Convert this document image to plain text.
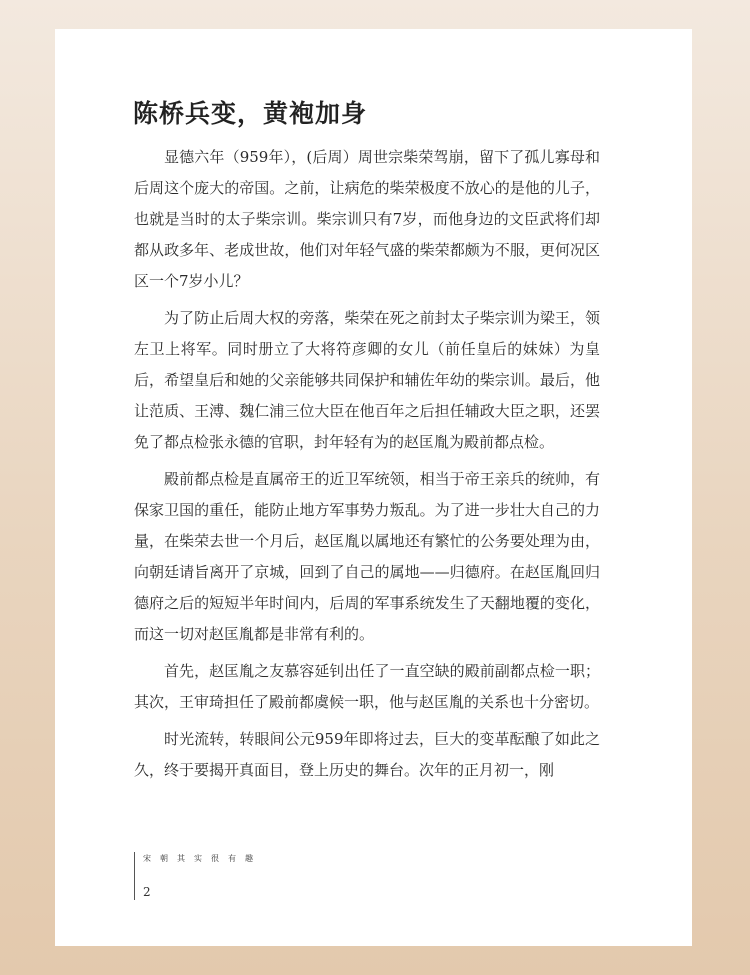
陈桥兵变，黄袍加身

显德六年（959年），(后周）周世宗柴荣驾崩，留下了孤儿寡母和后周这个庞大的帝国。之前，让病危的柴荣极度不放心的是他的儿子，也就是当时的太子柴宗训。柴宗训只有7岁，而他身边的文臣武将们却都从政多年、老成世故，他们对年轻气盛的柴荣都颇为不服，更何况区区一个7岁小儿？

为了防止后周大权的旁落，柴荣在死之前封太子柴宗训为梁王，领左卫上将军。同时册立了大将符彦卿的女儿（前任皇后的妹妹）为皇后，希望皇后和她的父亲能够共同保护和辅佐年幼的柴宗训。最后，他让范质、王溥、魏仁浦三位大臣在他百年之后担任辅政大臣之职，还罢免了都点检张永德的官职，封年轻有为的赵匡胤为殿前都点检。

殿前都点检是直属帝王的近卫军统领，相当于帝王亲兵的统帅，有保家卫国的重任，能防止地方军事势力叛乱。为了进一步壮大自己的力量，在柴荣去世一个月后，赵匡胤以属地还有繁忙的公务要处理为由，向朝廷请旨离开了京城，回到了自己的属地——归德府。在赵匡胤回归德府之后的短短半年时间内，后周的军事系统发生了天翻地覆的变化，而这一切对赵匡胤都是非常有利的。

首先，赵匡胤之友慕容延钊出任了一直空缺的殿前副都点检一职；其次，王审琦担任了殿前都虞候一职，他与赵匡胤的关系也十分密切。

时光流转，转眼间公元959年即将过去，巨大的变革酝酿了如此之久，终于要揭开真面目，登上历史的舞台。次年的正月初一，刚

宋朝其实很有趣
2
